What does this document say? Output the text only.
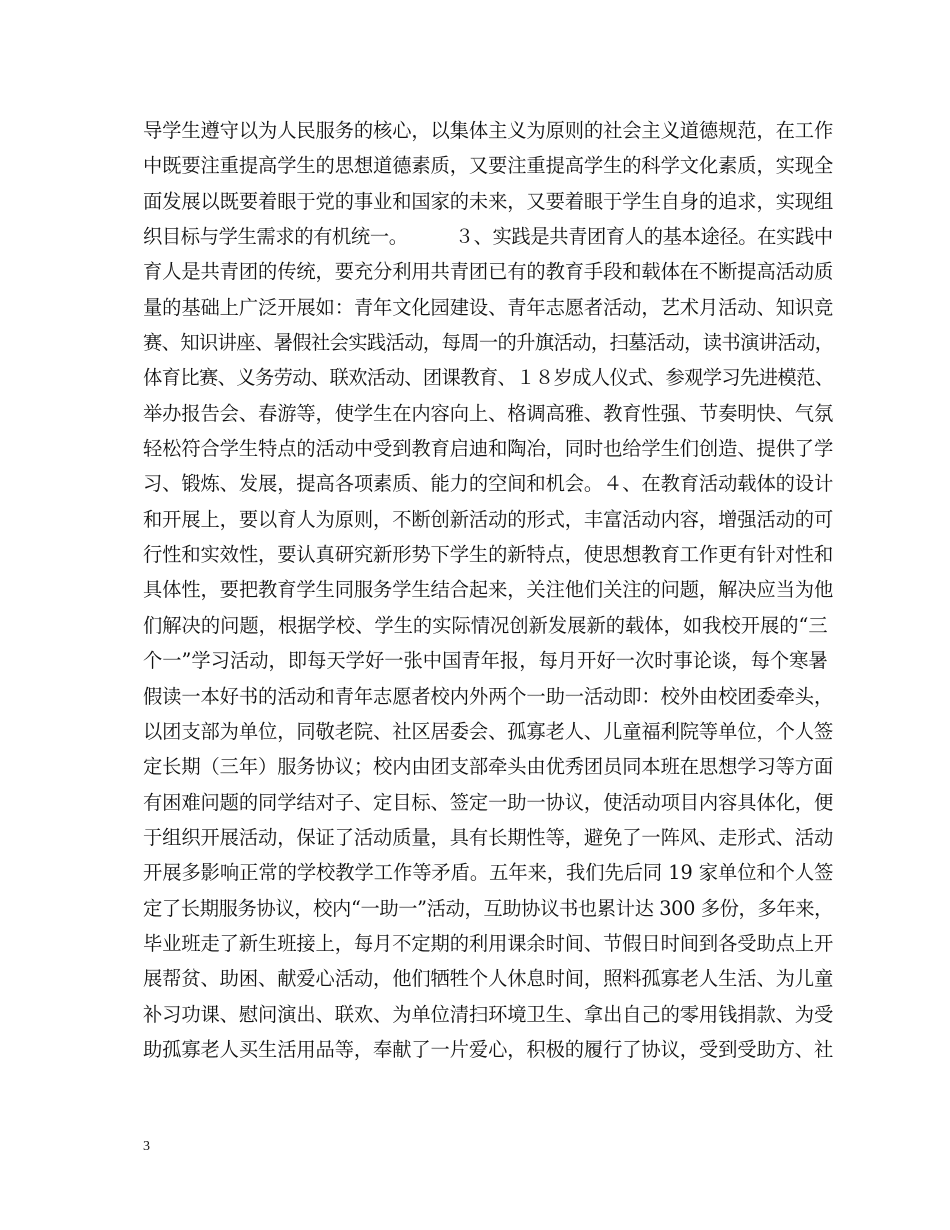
导学生遵守以为人民服务的核心，以集体主义为原则的社会主义道德规范，在工作
中既要注重提高学生的思想道德素质，又要注重提高学生的科学文化素质，实现全
面发展以既要着眼于党的事业和国家的未来，又要着眼于学生自身的追求，实现组
织目标与学生需求的有机统一。　　　３、实践是共青团育人的基本途径。在实践中
育人是共青团的传统，要充分利用共青团已有的教育手段和载体在不断提高活动质
量的基础上广泛开展如：青年文化园建设、青年志愿者活动，艺术月活动、知识竞
赛、知识讲座、暑假社会实践活动，每周一的升旗活动，扫墓活动，读书演讲活动，
体育比赛、义务劳动、联欢活动、团课教育、１８岁成人仪式、参观学习先进模范、
举办报告会、春游等，使学生在内容向上、格调高雅、教育性强、节奏明快、气氛
轻松符合学生特点的活动中受到教育启迪和陶冶，同时也给学生们创造、提供了学
习、锻炼、发展，提高各项素质、能力的空间和机会。４、在教育活动载体的设计
和开展上，要以育人为原则，不断创新活动的形式，丰富活动内容，增强活动的可
行性和实效性，要认真研究新形势下学生的新特点，使思想教育工作更有针对性和
具体性，要把教育学生同服务学生结合起来，关注他们关注的问题，解决应当为他
们解决的问题，根据学校、学生的实际情况创新发展新的载体，如我校开展的“三
个一”学习活动，即每天学好一张中国青年报，每月开好一次时事论谈，每个寒暑
假读一本好书的活动和青年志愿者校内外两个一助一活动即：校外由校团委牵头，
以团支部为单位，同敬老院、社区居委会、孤寡老人、儿童福利院等单位，个人签
定长期（三年）服务协议；校内由团支部牵头由优秀团员同本班在思想学习等方面
有困难问题的同学结对子、定目标、签定一助一协议，使活动项目内容具体化，便
于组织开展活动，保证了活动质量，具有长期性等，避免了一阵风、走形式、活动
开展多影响正常的学校教学工作等矛盾。五年来，我们先后同 19 家单位和个人签
定了长期服务协议，校内“一助一”活动，互助协议书也累计达 300 多份，多年来，
毕业班走了新生班接上，每月不定期的利用课余时间、节假日时间到各受助点上开
展帮贫、助困、献爱心活动，他们牺牲个人休息时间，照料孤寡老人生活、为儿童
补习功课、慰问演出、联欢、为单位清扫环境卫生、拿出自己的零用钱捐款、为受
助孤寡老人买生活用品等，奉献了一片爱心，积极的履行了协议，受到受助方、社
3
